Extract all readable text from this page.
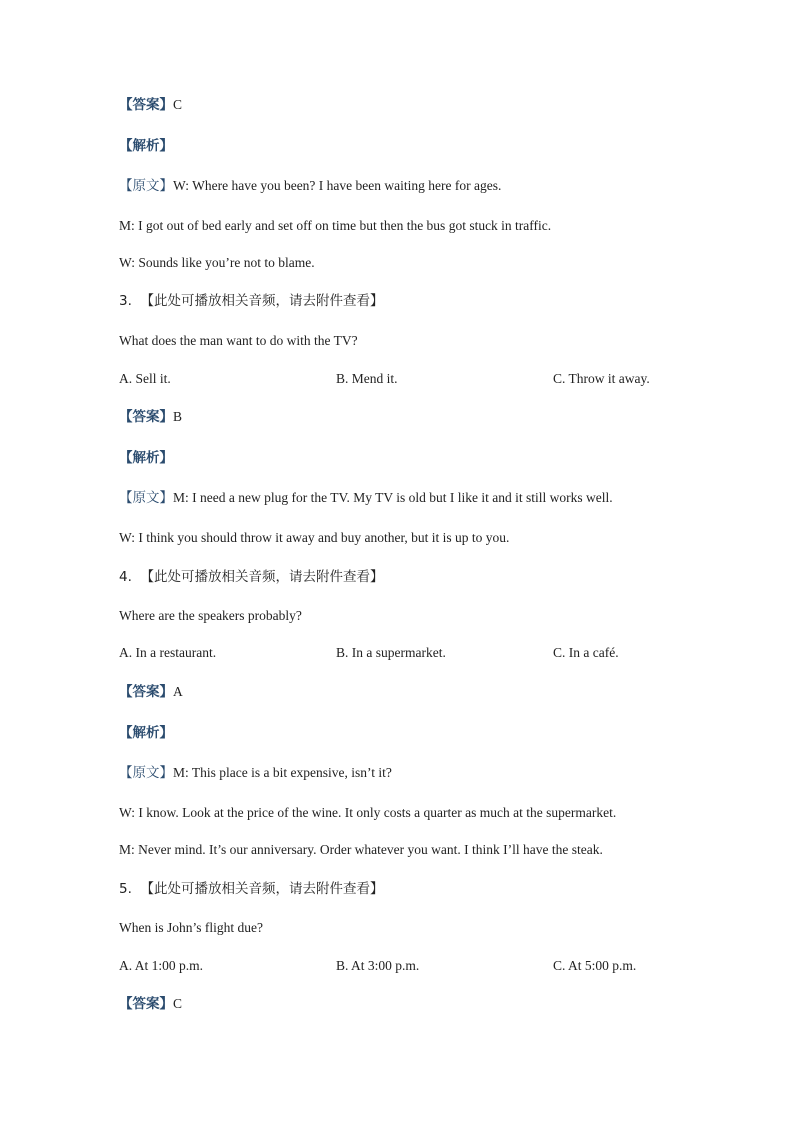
【答案】C
【解析】
【原文】W: Where have you been? I have been waiting here for ages.
M: I got out of bed early and set off on time but then the bus got stuck in traffic.
W: Sounds like you’re not to blame.
3. 【此处可播放相关音频，请去附件查看】
What does the man want to do with the TV?
A. Sell it.	B. Mend it.	C. Throw it away.
【答案】B
【解析】
【原文】M: I need a new plug for the TV. My TV is old but I like it and it still works well.
W: I think you should throw it away and buy another, but it is up to you.
4. 【此处可播放相关音频，请去附件查看】
Where are the speakers probably?
A. In a restaurant.	B. In a supermarket.	C. In a café.
【答案】A
【解析】
【原文】M: This place is a bit expensive, isn’t it?
W: I know. Look at the price of the wine. It only costs a quarter as much at the supermarket.
M: Never mind. It’s our anniversary. Order whatever you want. I think I’ll have the steak.
5. 【此处可播放相关音频，请去附件查看】
When is John’s flight due?
A. At 1:00 p.m.	B. At 3:00 p.m.	C. At 5:00 p.m.
【答案】C
